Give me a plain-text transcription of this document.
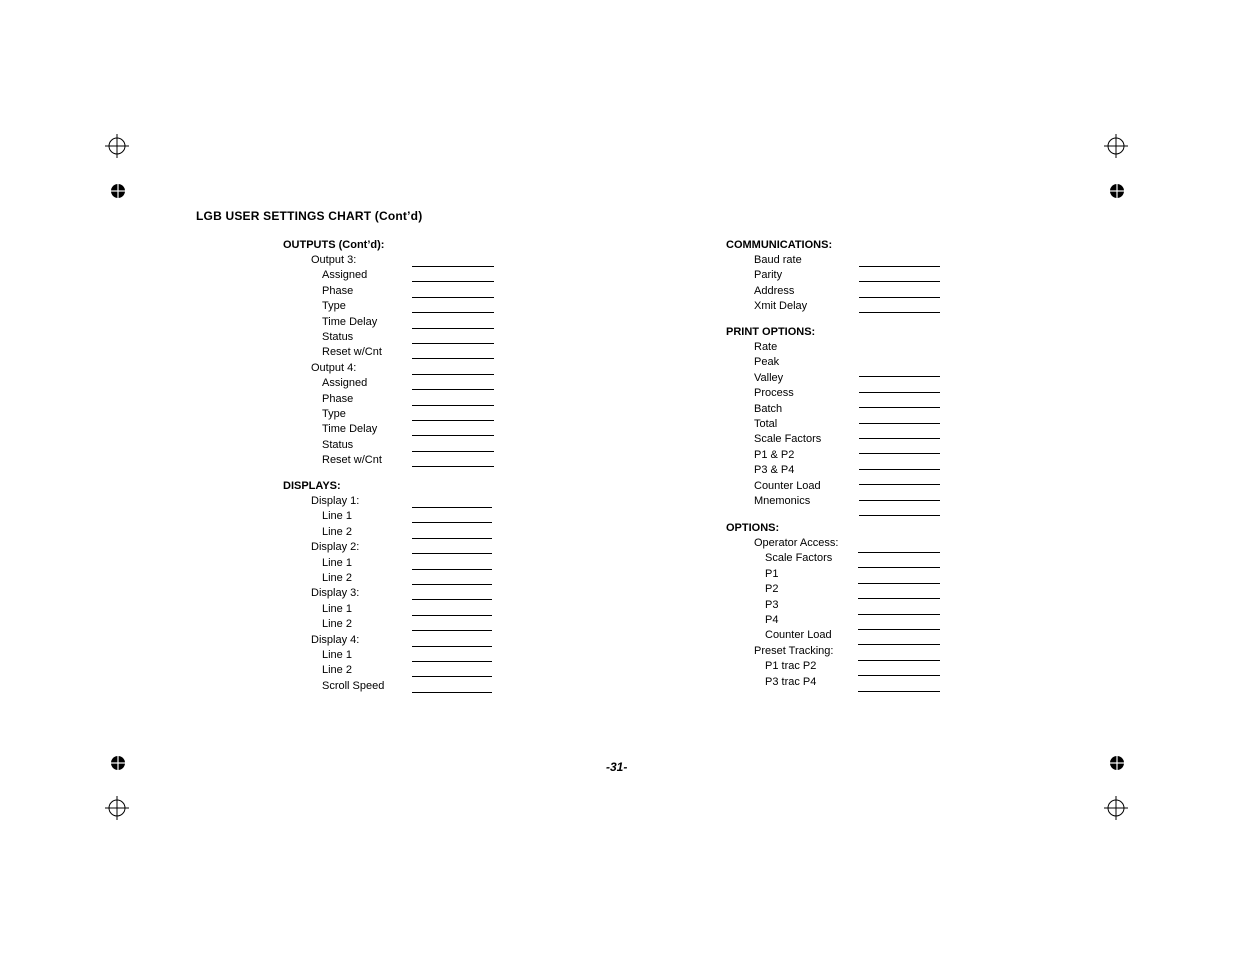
LGB USER SETTINGS CHART (Cont’d)
OUTPUTS (Cont’d):
Output 3:
Assigned
Phase
Type
Time Delay
Status
Reset w/Cnt
Output 4:
Assigned
Phase
Type
Time Delay
Status
Reset w/Cnt
DISPLAYS:
Display 1:
Line 1
Line 2
Display 2:
Line 1
Line 2
Display 3:
Line 1
Line 2
Display 4:
Line 1
Line 2
Scroll Speed
COMMUNICATIONS:
Baud rate
Parity
Address
Xmit Delay
PRINT OPTIONS:
Rate
Peak
Valley
Process
Batch
Total
Scale Factors
P1 & P2
P3 & P4
Counter Load
Mnemonics
OPTIONS:
Operator Access:
Scale Factors
P1
P2
P3
P4
Counter Load
Preset Tracking:
P1 trac P2
P3 trac P4
-31-
